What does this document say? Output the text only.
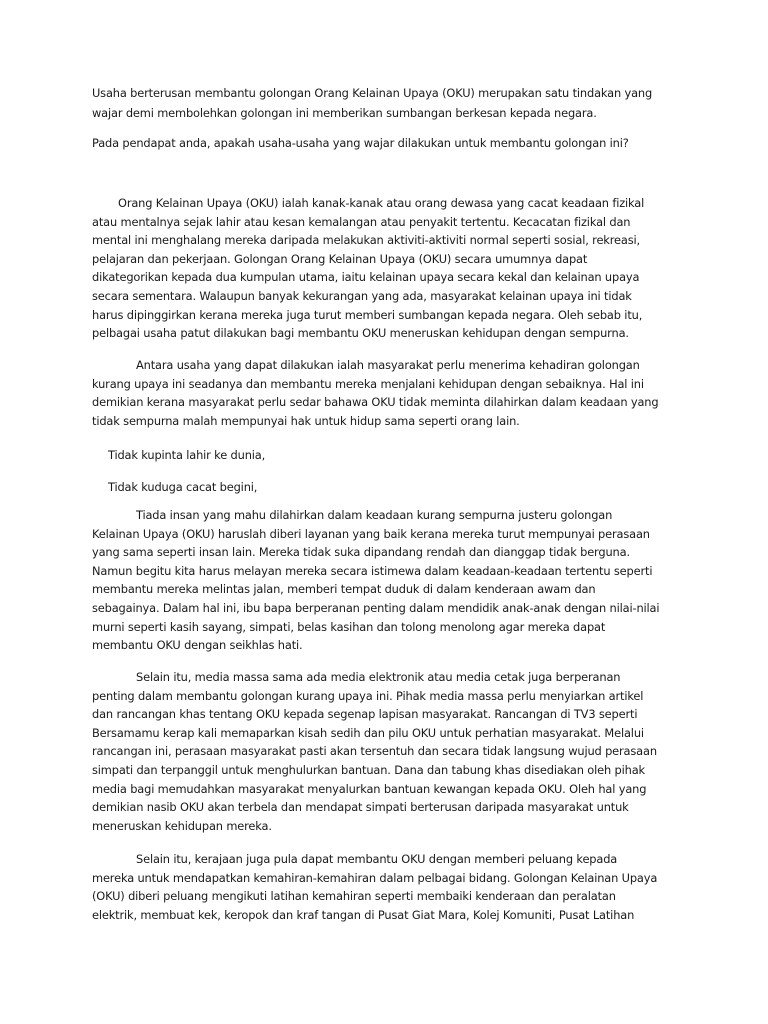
Usaha berterusan membantu golongan Orang Kelainan Upaya (OKU) merupakan satu tindakan yang
wajar demi membolehkan golongan ini memberikan sumbangan berkesan kepada negara.
Pada pendapat anda, apakah usaha-usaha yang wajar dilakukan untuk membantu golongan ini?
Orang Kelainan Upaya (OKU) ialah kanak-kanak atau orang dewasa yang cacat keadaan fizikal
atau mentalnya sejak lahir atau kesan kemalangan atau penyakit tertentu. Kecacatan fizikal dan
mental ini menghalang mereka daripada melakukan aktiviti-aktiviti normal seperti sosial, rekreasi,
pelajaran dan pekerjaan. Golongan Orang Kelainan Upaya (OKU) secara umumnya dapat
dikategorikan kepada dua kumpulan utama, iaitu kelainan upaya secara kekal dan kelainan upaya
secara sementara. Walaupun banyak kekurangan yang ada, masyarakat kelainan upaya ini tidak
harus dipinggirkan kerana mereka juga turut memberi sumbangan kepada negara. Oleh sebab itu,
pelbagai usaha patut dilakukan bagi membantu OKU meneruskan kehidupan dengan sempurna.
Antara usaha yang dapat dilakukan ialah masyarakat perlu menerima kehadiran golongan
kurang upaya ini seadanya dan membantu mereka menjalani kehidupan dengan sebaiknya. Hal ini
demikian kerana masyarakat perlu sedar bahawa OKU tidak meminta dilahirkan dalam keadaan yang
tidak sempurna malah mempunyai hak untuk hidup sama seperti orang lain.
Tidak kupinta lahir ke dunia,
Tidak kuduga cacat begini,
Tiada insan yang mahu dilahirkan dalam keadaan kurang sempurna justeru golongan
Kelainan Upaya (OKU) haruslah diberi layanan yang baik kerana mereka turut mempunyai perasaan
yang sama seperti insan lain. Mereka tidak suka dipandang rendah dan dianggap tidak berguna.
Namun begitu kita harus melayan mereka secara istimewa dalam keadaan-keadaan tertentu seperti
membantu mereka melintas jalan, memberi tempat duduk di dalam kenderaan awam dan
sebagainya. Dalam hal ini, ibu bapa berperanan penting dalam mendidik anak-anak dengan nilai-nilai
murni seperti kasih sayang, simpati, belas kasihan dan tolong menolong agar mereka dapat
membantu OKU dengan seikhlas hati.
Selain itu, media massa sama ada media elektronik atau media cetak juga berperanan
penting dalam membantu golongan kurang upaya ini. Pihak media massa perlu menyiarkan artikel
dan rancangan khas tentang OKU kepada segenap lapisan masyarakat. Rancangan di TV3 seperti
Bersamamu kerap kali memaparkan kisah sedih dan pilu OKU untuk perhatian masyarakat. Melalui
rancangan ini, perasaan masyarakat pasti akan tersentuh dan secara tidak langsung wujud perasaan
simpati dan terpanggil untuk menghulurkan bantuan. Dana dan tabung khas disediakan oleh pihak
media bagi memudahkan masyarakat menyalurkan bantuan kewangan kepada OKU. Oleh hal yang
demikian nasib OKU akan terbela dan mendapat simpati berterusan daripada masyarakat untuk
meneruskan kehidupan mereka.
Selain itu, kerajaan juga pula dapat membantu OKU dengan memberi peluang kepada
mereka untuk mendapatkan kemahiran-kemahiran dalam pelbagai bidang. Golongan Kelainan Upaya
(OKU) diberi peluang mengikuti latihan kemahiran seperti membaiki kenderaan dan peralatan
elektrik, membuat kek, keropok dan kraf tangan di Pusat Giat Mara, Kolej Komuniti, Pusat Latihan
